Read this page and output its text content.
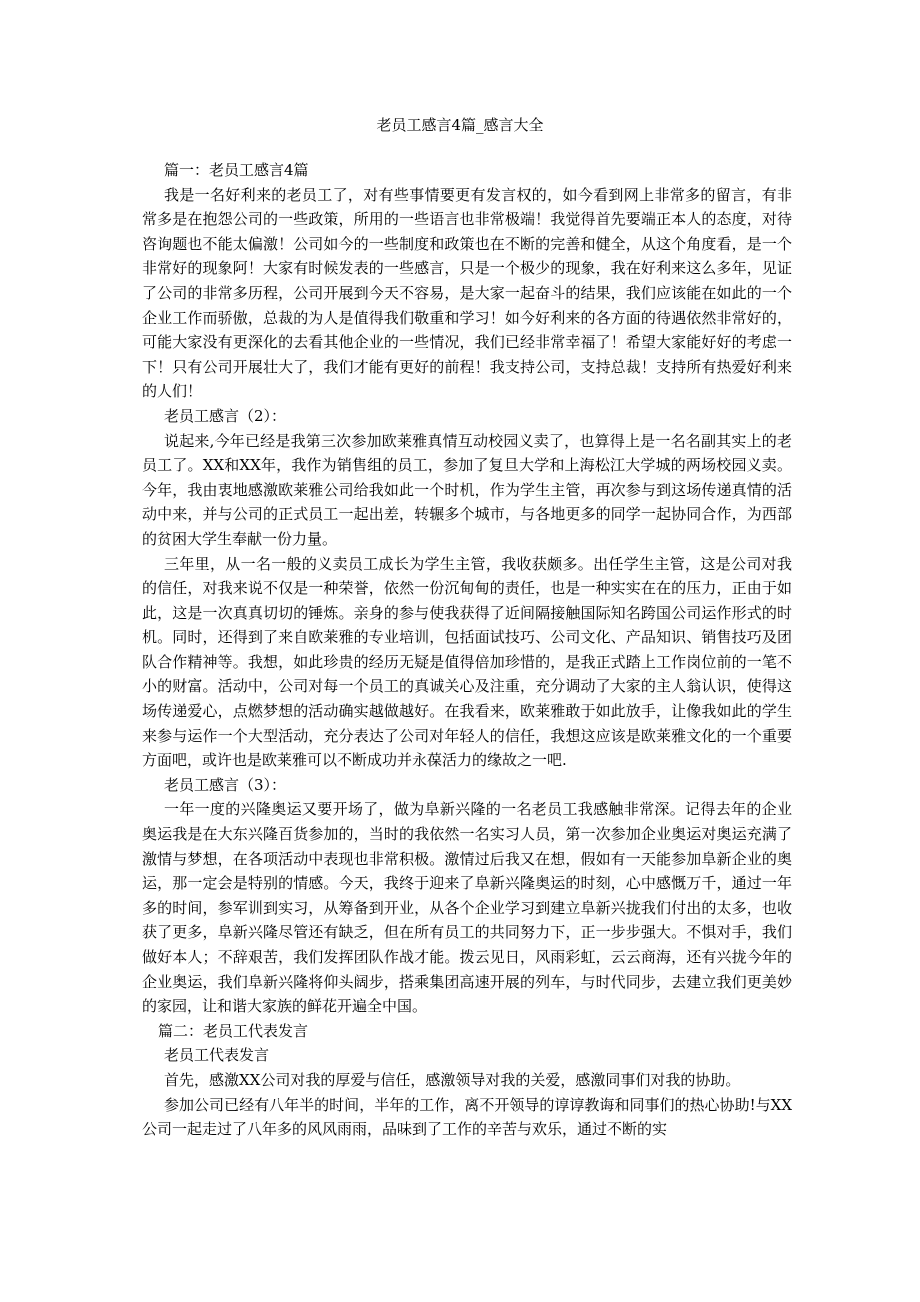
老员工感言4篇_感言大全

篇一：老员工感言4篇

我是一名好利来的老员工了，对有些事情要更有发言权的，如今看到网上非常多的留言，有非常多是在抱怨公司的一些政策，所用的一些语言也非常极端！我觉得首先要端正本人的态度，对待咨询题也不能太偏激！公司如今的一些制度和政策也在不断的完善和健全，从这个角度看，是一个非常好的现象阿！大家有时候发表的一些感言，只是一个极少的现象，我在好利来这么多年，见证了公司的非常多历程，公司开展到今天不容易，是大家一起奋斗的结果，我们应该能在如此的一个企业工作而骄傲，总裁的为人是值得我们敬重和学习！如今好利来的各方面的待遇依然非常好的，可能大家没有更深化的去看其他企业的一些情况，我们已经非常幸福了！希望大家能好好的考虑一下！只有公司开展壮大了，我们才能有更好的前程！我支持公司，支持总裁！支持所有热爱好利来的人们！

老员工感言（2）：

说起来,今年已经是我第三次参加欧莱雅真情互动校园义卖了，也算得上是一名名副其实上的老员工了。XX和XX年，我作为销售组的员工，参加了复旦大学和上海松江大学城的两场校园义卖。今年，我由衷地感激欧莱雅公司给我如此一个时机，作为学生主管，再次参与到这场传递真情的活动中来，并与公司的正式员工一起出差，转辗多个城市，与各地更多的同学一起协同合作，为西部的贫困大学生奉献一份力量。

三年里，从一名一般的义卖员工成长为学生主管，我收获颇多。出任学生主管，这是公司对我的信任，对我来说不仅是一种荣誉，依然一份沉甸甸的责任，也是一种实实在在的压力，正由于如此，这是一次真真切切的锤炼。亲身的参与使我获得了近间隔接触国际知名跨国公司运作形式的时机。同时，还得到了来自欧莱雅的专业培训，包括面试技巧、公司文化、产品知识、销售技巧及团队合作精神等。我想，如此珍贵的经历无疑是值得倍加珍惜的，是我正式踏上工作岗位前的一笔不小的财富。活动中，公司对每一个员工的真诚关心及注重，充分调动了大家的主人翁认识，使得这场传递爱心，点燃梦想的活动确实越做越好。在我看来，欧莱雅敢于如此放手，让像我如此的学生来参与运作一个大型活动，充分表达了公司对年轻人的信任，我想这应该是欧莱雅文化的一个重要方面吧，或许也是欧莱雅可以不断成功并永葆活力的缘故之一吧.

老员工感言（3）：

一年一度的兴隆奥运又要开场了，做为阜新兴隆的一名老员工我感触非常深。记得去年的企业奥运我是在大东兴隆百货参加的，当时的我依然一名实习人员，第一次参加企业奥运对奥运充满了激情与梦想，在各项活动中表现也非常积极。激情过后我又在想，假如有一天能参加阜新企业的奥运，那一定会是特别的情感。今天，我终于迎来了阜新兴隆奥运的时刻，心中感慨万千，通过一年多的时间，参军训到实习，从筹备到开业，从各个企业学习到建立阜新兴拢我们付出的太多，也收获了更多，阜新兴隆尽管还有缺乏，但在所有员工的共同努力下，正一步步强大。不惧对手，我们做好本人；不辞艰苦，我们发挥团队作战才能。拨云见日，风雨彩虹，云云商海，还有兴拢今年的企业奥运，我们阜新兴隆将仰头阔步，搭乘集团高速开展的列车，与时代同步，去建立我们更美妙的家园，让和谐大家族的鲜花开遍全中国。

篇二：老员工代表发言

老员工代表发言

首先，感激XX公司对我的厚爱与信任，感激领导对我的关爱，感激同事们对我的协助。

参加公司已经有八年半的时间，半年的工作，离不开领导的谆谆教诲和同事们的热心协助!与XX公司一起走过了八年多的风风雨雨，品味到了工作的辛苦与欢乐，通过不断的实
